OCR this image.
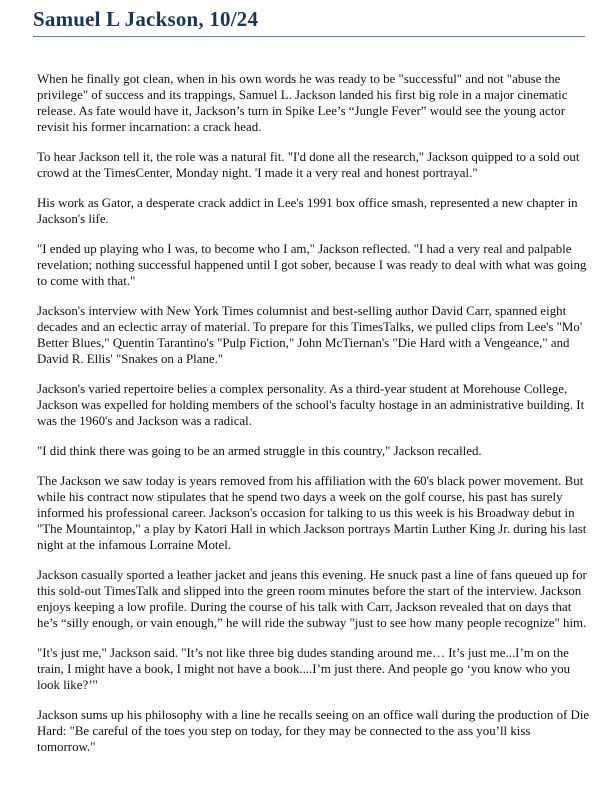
Samuel L Jackson, 10/24

When he finally got clean, when in his own words he was ready to be "successful" and not "abuse the privilege" of success and its trappings, Samuel L. Jackson landed his first big role in a major cinematic release. As fate would have it, Jackson’s turn in Spike Lee’s “Jungle Fever” would see the young actor revisit his former incarnation: a crack head.

To hear Jackson tell it, the role was a natural fit. "I'd done all the research," Jackson quipped to a sold out crowd at the TimesCenter, Monday night. 'I made it a very real and honest portrayal."

His work as Gator, a desperate crack addict in Lee's 1991 box office smash, represented a new chapter in Jackson's life.

"I ended up playing who I was, to become who I am," Jackson reflected. "I had a very real and palpable revelation; nothing successful happened until I got sober, because I was ready to deal with what was going to come with that."

Jackson's interview with New York Times columnist and best-selling author David Carr, spanned eight decades and an eclectic array of material. To prepare for this TimesTalks, we pulled clips from Lee's "Mo' Better Blues," Quentin Tarantino's "Pulp Fiction," John McTiernan's "Die Hard with a Vengeance," and David R. Ellis' "Snakes on a Plane."

Jackson's varied repertoire belies a complex personality. As a third-year student at Morehouse College, Jackson was expelled for holding members of the school's faculty hostage in an administrative building. It was the 1960's and Jackson was a radical.

"I did think there was going to be an armed struggle in this country," Jackson recalled.

The Jackson we saw today is years removed from his affiliation with the 60's black power movement. But while his contract now stipulates that he spend two days a week on the golf course, his past has surely informed his professional career. Jackson's occasion for talking to us this week is his Broadway debut in "The Mountaintop," a play by Katori Hall in which Jackson portrays Martin Luther King Jr. during his last night at the infamous Lorraine Motel.

Jackson casually sported a leather jacket and jeans this evening. He snuck past a line of fans queued up for this sold-out TimesTalk and slipped into the green room minutes before the start of the interview. Jackson enjoys keeping a low profile. During the course of his talk with Carr, Jackson revealed that on days that he’s “silly enough, or vain enough,” he will ride the subway "just to see how many people recognize" him.

"It's just me," Jackson said. "It’s not like three big dudes standing around me… It’s just me...I’m on the train, I might have a book, I might not have a book....I’m just there. And people go ‘you know who you look like?’"

Jackson sums up his philosophy with a line he recalls seeing on an office wall during the production of Die Hard: "Be careful of the toes you step on today, for they may be connected to the ass you’ll kiss tomorrow."
